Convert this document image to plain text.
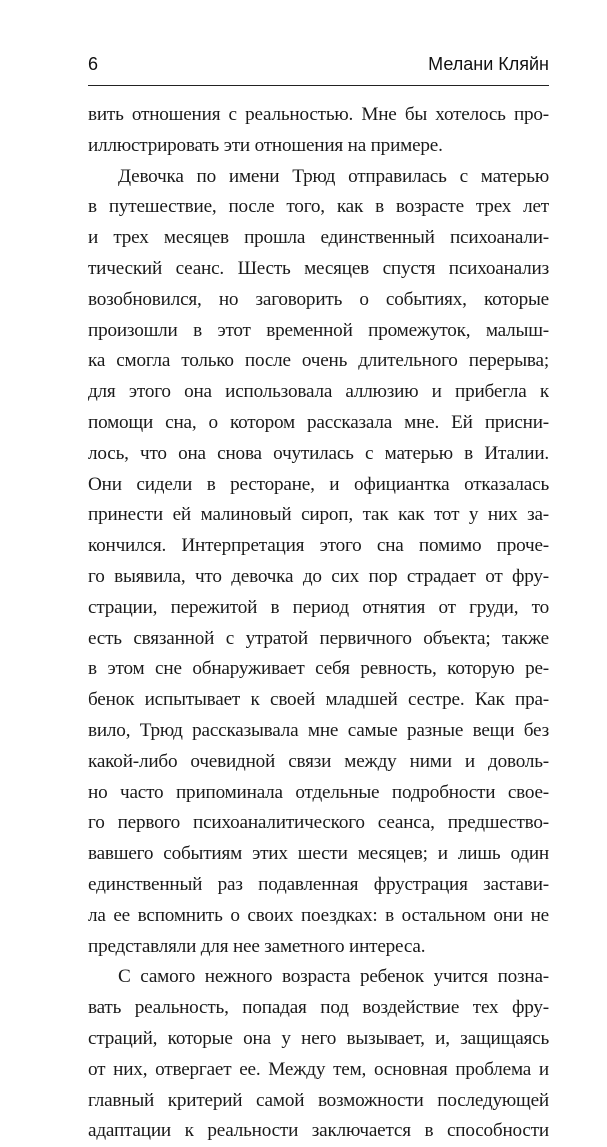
6	Мелани Кляйн
вить отношения с реальностью. Мне бы хотелось про-
иллюстрировать эти отношения на примере.
Девочка по имени Трюд отправилась с матерью
в путешествие, после того, как в возрасте трех лет
и трех месяцев прошла единственный психоанали-
тический сеанс. Шесть месяцев спустя психоанализ
возобновился, но заговорить о событиях, которые
произошли в этот временной промежуток, малыш-
ка смогла только после очень длительного перерыва;
для этого она использовала аллюзию и прибегла к
помощи сна, о котором рассказала мне. Ей присни-
лось, что она снова очутилась с матерью в Италии.
Они сидели в ресторане, и официантка отказалась
принести ей малиновый сироп, так как тот у них за-
кончился. Интерпретация этого сна помимо проче-
го выявила, что девочка до сих пор страдает от фру-
страции, пережитой в период отнятия от груди, то
есть связанной с утратой первичного объекта; также
в этом сне обнаруживает себя ревность, которую ре-
бенок испытывает к своей младшей сестре. Как пра-
вило, Трюд рассказывала мне самые разные вещи без
какой-либо очевидной связи между ними и доволь-
но часто припоминала отдельные подробности свое-
го первого психоаналитического сеанса, предшество-
вавшего событиям этих шести месяцев; и лишь один
единственный раз подавленная фрустрация застави-
ла ее вспомнить о своих поездках: в остальном они не
представляли для нее заметного интереса.
С самого нежного возраста ребенок учится позна-
вать реальность, попадая под воздействие тех фру-
страций, которые она у него вызывает, и, защищаясь
от них, отвергает ее. Между тем, основная проблема и
главный критерий самой возможности последующей
адаптации к реальности заключается в способности
